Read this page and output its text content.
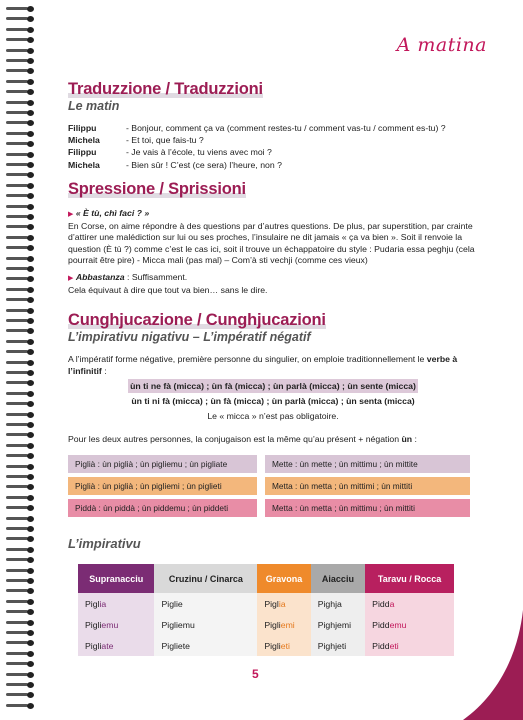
A matina
Traduzzione / Traduzzioni
Le matin
Filippu	- Bonjour, comment ça va (comment restes-tu / comment vas-tu / comment es-tu) ?
Michela	- Et toi, que fais-tu ?
Filippu	- Je vais à l’école, tu viens avec moi ?
Michela	- Bien sûr ! C’est (ce sera) l’heure, non ?
Spressione / Sprissioni
▶ « È tù, chì faci ? »
En Corse, on aime répondre à des questions par d’autres questions. De plus, par superstition, par crainte d’attirer une malédiction sur lui ou ses proches, l’insulaire ne dit jamais « ça va bien ». Soit il renvoie la question (È tù ?) comme c’est le cas ici, soit il trouve un échappatoire du style : Pudaria essa peghju (cela pourrait être pire) - Micca mali (pas mal) – Com’à sti vechji (comme ces vieux)
▶ Abbastanza : Suffisamment.
Cela équivaut à dire que tout va bien… sans le dire.
Cunghjucazione / Cunghjucazioni
L’impirativu nigativu – L’impératif négatif
A l’impératif forme négative, première personne du singulier, on emploie traditionnellement le verbe à l’infinitif :
ùn ti ne fà (micca) ; ùn fà (micca) ; ùn parlà (micca) ; ùn sente (micca)
ùn ti ni fà (micca) ; ùn fà (micca) ; ùn parlà (micca) ; ùn senta (micca)
Le « micca » n’est pas obligatoire.
Pour les deux autres personnes, la conjugaison est la même qu’au présent + négation ùn :
Piglià : ùn piglià ; ùn pigliemu ; ùn pigliate	Mette : ùn mette ; ùn mittimu ; ùn mittite
Piglià : ùn piglià ; ùn pigliemi ; ùn piglieti	Metta : ùn metta ; ùn mittimi ; ùn mittiti
Piddà : ùn piddà ; ùn piddemu ; ùn piddeti	Metta : ùn metta ; ùn mittimu ; ùn mittiti
L’impirativu
Supranacciu	Cruzinu / Cinarca	Gravona	Aiacciu	Taravu / Rocca
Piglia	Piglie	Piglia	Pighja	Pidda
Pigliemu	Pigliemu	Pigliemi	Pighjemi	Piddemu
Pigliate	Pigliete	Piglieti	Pighjeti	Piddeti
5
